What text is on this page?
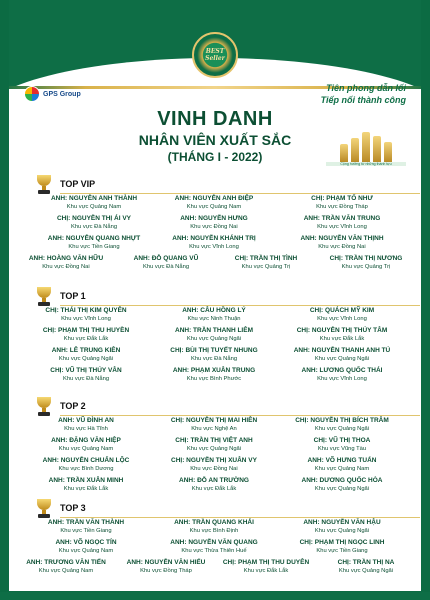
BEST
Seller
GPS Group
Tiên phong dẫn lối
Tiếp nối thành công
VINH DANH
NHÂN VIÊN XUẤT SẮC
(THÁNG I - 2022)	Cộng hưởng từ những thành tựu
TOP VIP
ANH: NGUYỄN ANH THÀNH
Khu vực Quảng Nam
ANH: NGUYỄN ANH ĐIỆP
Khu vực Quảng Nam
CHỊ: PHẠM TỐ NHƯ
Khu vực Đồng Tháp
CHỊ: NGUYỄN THỊ ÁI VY
Khu vực Đà Nẵng
ANH: NGUYỄN HƯNG
Khu vực Đồng Nai
ANH: TRẦN VĂN TRUNG
Khu vực Vĩnh Long
ANH: NGUYỄN QUANG NHỰT
Khu vực Tiền Giang
ANH: NGUYỄN KHÁNH TRỊ
Khu vực Vĩnh Long
ANH: NGUYỄN VĂN THỊNH
Khu vực Đồng Nai
ANH: HOÀNG VĂN HỮU
Khu vực Đồng Nai
ANH: ĐỖ QUANG VŨ
Khu vực Đà Nẵng
CHỊ: TRẦN THỊ TÌNH
Khu vực Quảng Trị
CHỊ: TRẦN THỊ NƯƠNG
Khu vực Quảng Trị
TOP 1
CHỊ: THÁI THỊ KIM QUYÊN
Khu vực Vĩnh Long
ANH: CÂU HỒNG LÝ
Khu vực Ninh Thuận
CHỊ: QUÁCH MỸ KIM
Khu vực Vĩnh Long
CHỊ: PHẠM THỊ THU HUYỀN
Khu vực Đắk Lắk
ANH: TRẦN THANH LIÊM
Khu vực Quảng Ngãi
CHỊ: NGUYỄN THỊ THÚY TÂM
Khu vực Đắk Lắk
ANH: LÊ TRUNG KIÊN
Khu vực Quảng Ngãi
CHỊ: BÙI THỊ TUYẾT NHUNG
Khu vực Đà Nẵng
ANH: NGUYỄN THANH ANH TÚ
Khu vực Quảng Ngãi
CHỊ: VŨ THỊ THÚY VÂN
Khu vực Đà Nẵng
ANH: PHẠM XUÂN TRUNG
Khu vực Bình Phước
ANH: LƯƠNG QUỐC THÁI
Khu vực Vĩnh Long
TOP 2
ANH: VŨ ĐÌNH AN
Khu vực Hà Tĩnh
CHỊ: NGUYỄN THỊ MAI HIÊN
Khu vực Nghệ An
CHỊ: NGUYỄN THỊ BÍCH TRÂM
Khu vực Quảng Ngãi
ANH: ĐẶNG VĂN HIỆP
Khu vực Quảng Nam
CHỊ: TRẦN THỊ VIỆT ANH
Khu vực Quảng Ngãi
CHỊ: VŨ THỊ THOA
Khu vực Vũng Tàu
ANH: NGUYỄN CHUẨN LỘC
Khu vực Bình Dương
CHỊ: NGUYỄN THỊ XUÂN VY
Khu vực Đồng Nai
ANH: VÕ HƯNG TUẤN
Khu vực Quảng Nam
ANH: TRẦN XUÂN MINH
Khu vực Đắk Lắk
ANH: ĐỖ AN TRƯỜNG
Khu vực Đắk Lắk
ANH: DƯƠNG QUỐC HÒA
Khu vực Quảng Ngãi
TOP 3
ANH: TRẦN VĂN THÀNH
Khu vực Tiền Giang
ANH: TRẦN QUANG KHẢI
Khu vực Bình Định
ANH: NGUYỄN VĂN HẬU
Khu vực Quảng Ngãi
ANH: VÕ NGỌC TÍN
Khu vực Quảng Nam
ANH: NGUYỄN VĂN QUANG
Khu vực Thừa Thiên Huế
CHỊ: PHẠM THỊ NGỌC LINH
Khu vực Tiền Giang
ANH: TRƯƠNG VĂN TIẾN
Khu vực Quảng Nam
ANH: NGUYỄN VĂN HIẾU
Khu vực Đồng Tháp
CHỊ: PHẠM THỊ THU DUYÊN
Khu vực Đắk Lắk
CHỊ: TRẦN THỊ NA
Khu vực Quảng Ngãi
